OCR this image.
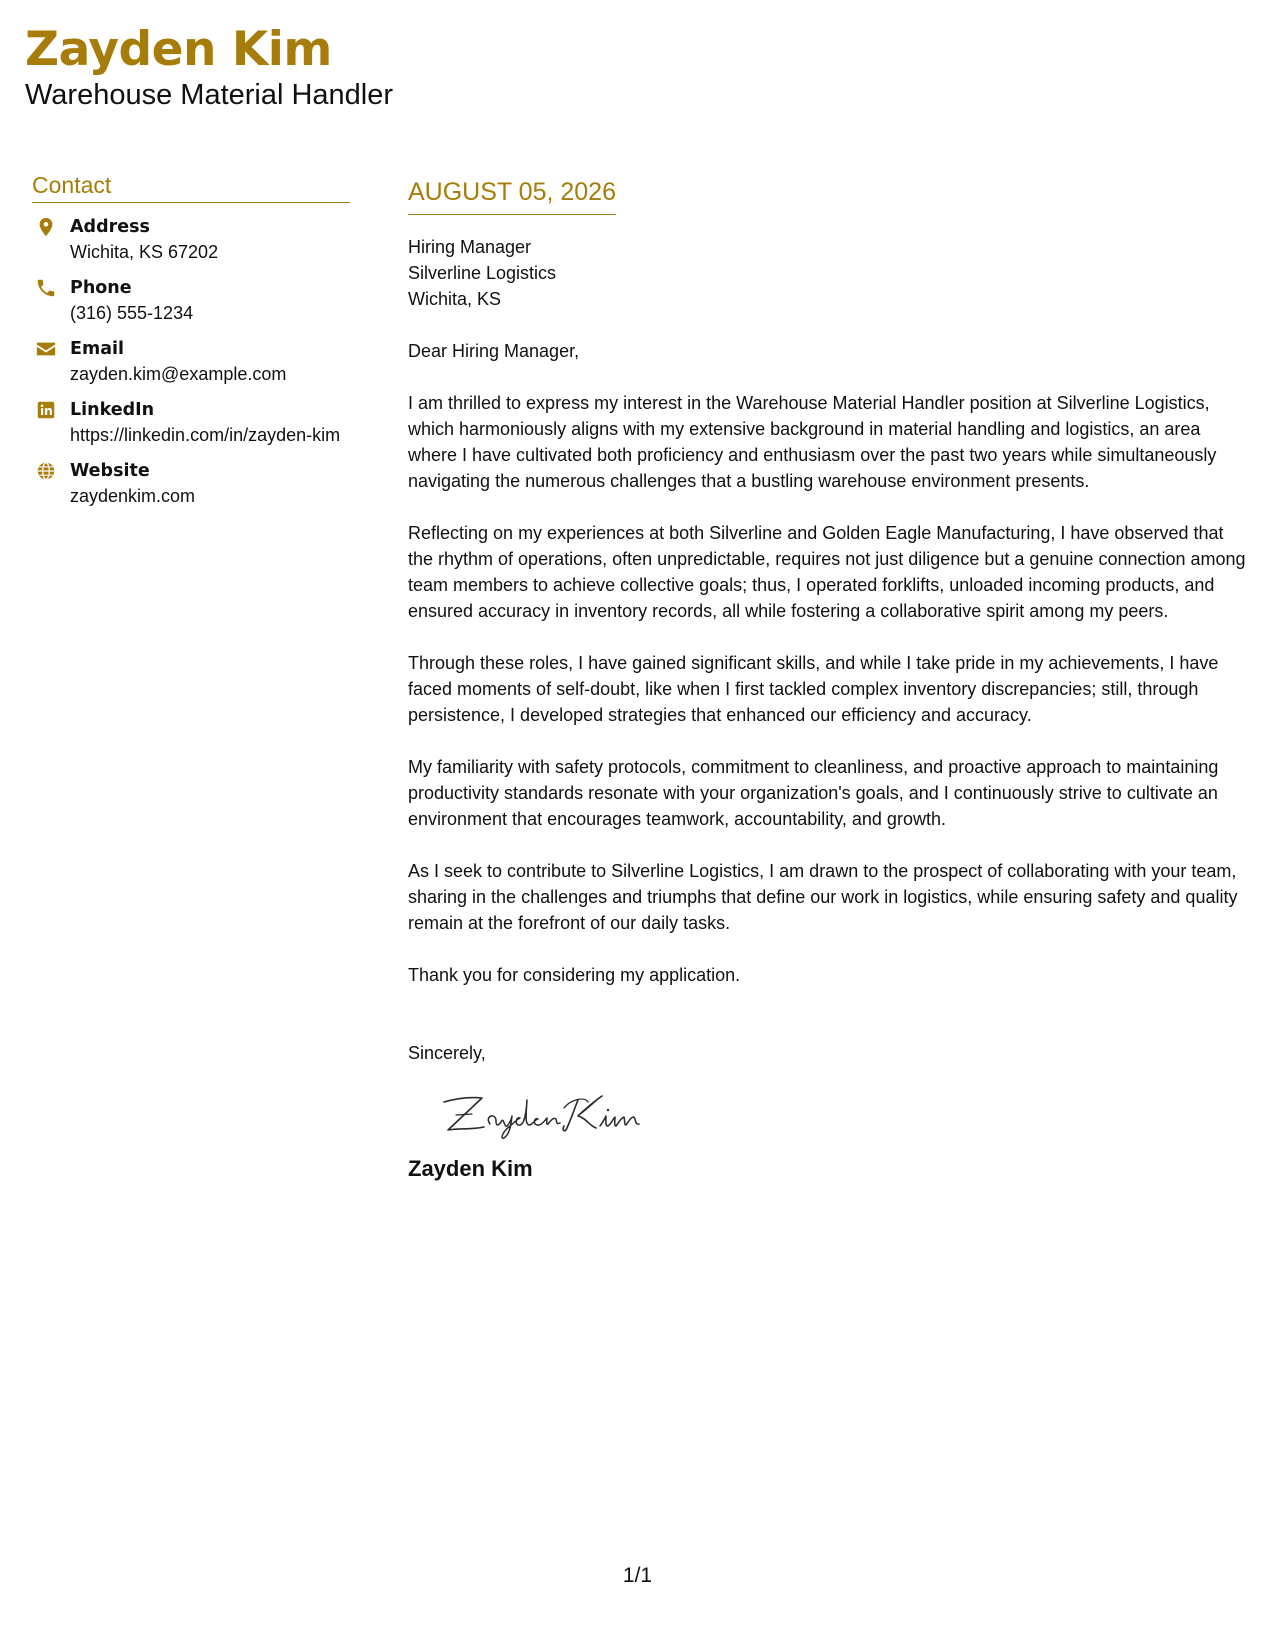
Zayden Kim
Warehouse Material Handler
Contact
Address
Wichita, KS 67202
Phone
(316) 555-1234
Email
zayden.kim@example.com
LinkedIn
https://linkedin.com/in/zayden-kim
Website
zaydenkim.com
AUGUST 05, 2026
Hiring Manager
Silverline Logistics
Wichita, KS
Dear Hiring Manager,
I am thrilled to express my interest in the Warehouse Material Handler position at Silverline Logistics, which harmoniously aligns with my extensive background in material handling and logistics, an area where I have cultivated both proficiency and enthusiasm over the past two years while simultaneously navigating the numerous challenges that a bustling warehouse environment presents.
Reflecting on my experiences at both Silverline and Golden Eagle Manufacturing, I have observed that the rhythm of operations, often unpredictable, requires not just diligence but a genuine connection among team members to achieve collective goals; thus, I operated forklifts, unloaded incoming products, and ensured accuracy in inventory records, all while fostering a collaborative spirit among my peers.
Through these roles, I have gained significant skills, and while I take pride in my achievements, I have faced moments of self-doubt, like when I first tackled complex inventory discrepancies; still, through persistence, I developed strategies that enhanced our efficiency and accuracy.
My familiarity with safety protocols, commitment to cleanliness, and proactive approach to maintaining productivity standards resonate with your organization's goals, and I continuously strive to cultivate an environment that encourages teamwork, accountability, and growth.
As I seek to contribute to Silverline Logistics, I am drawn to the prospect of collaborating with your team, sharing in the challenges and triumphs that define our work in logistics, while ensuring safety and quality remain at the forefront of our daily tasks.
Thank you for considering my application.
Sincerely,
Zayden Kim
1/1
